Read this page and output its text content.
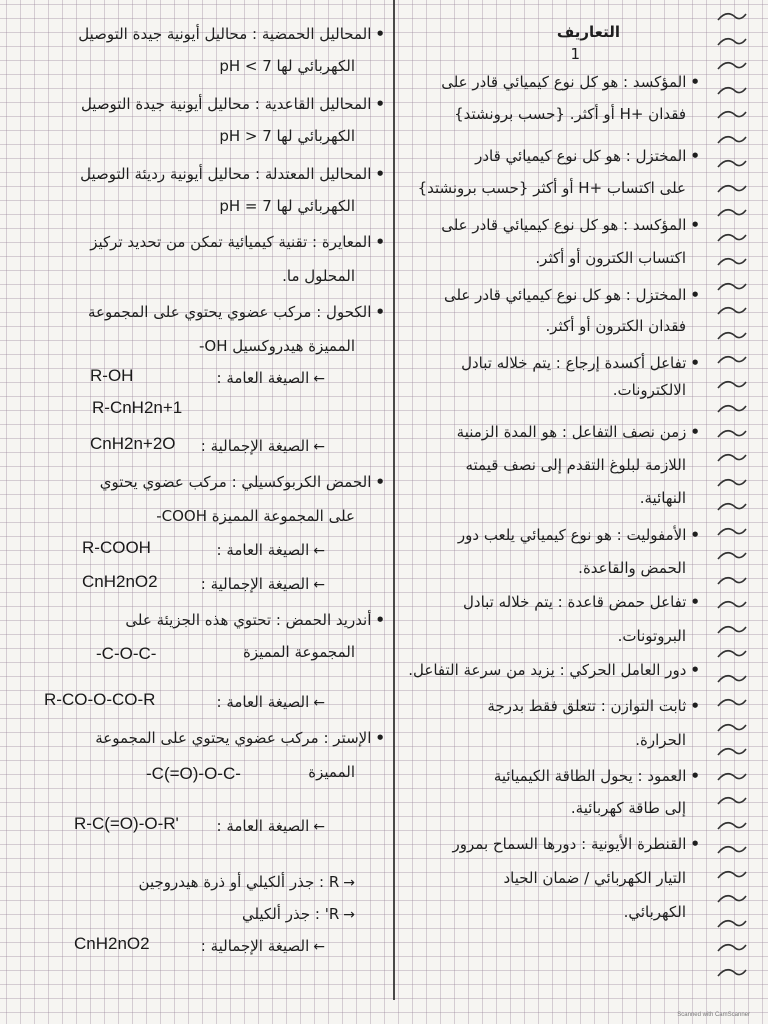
التعاريف
1
•المؤكسد : هو كل نوع كيميائي قادر على
فقدان +H أو أكثر. {حسب برونشتد}
•المختزل : هو كل نوع كيميائي قادر
على اكتساب +H أو أكثر {حسب برونشتد}
•المؤكسد : هو كل نوع كيميائي قادر على
اكتساب الكترون أو أكثر.
•المختزل : هو كل نوع كيميائي قادر على
فقدان الكترون أو أكثر.
•تفاعل أكسدة إرجاع : يتم خلاله تبادل
الالكترونات.
•زمن نصف التفاعل : هو المدة الزمنية
اللازمة لبلوغ التقدم إلى نصف قيمته
النهائية.
•الأمفوليت : هو نوع كيميائي يلعب دور
الحمض والقاعدة.
•تفاعل حمض قاعدة : يتم خلاله تبادل
البروتونات.
•دور العامل الحركي : يزيد من سرعة التفاعل.
•ثابت التوازن : تتعلق فقط بدرجة
الحرارة.
•العمود : يحول الطاقة الكيميائية
إلى طاقة كهربائية.
•القنطرة الأيونية : دورها السماح بمرور
التيار الكهربائي / ضمان الحياد
الكهربائي.
•المحاليل الحمضية : محاليل أيونية جيدة التوصيل
الكهربائي لها pH < 7
•المحاليل القاعدية : محاليل أيونية جيدة التوصيل
الكهربائي لها pH > 7
•المحاليل المعتدلة : محاليل أيونية رديئة التوصيل
الكهربائي لها pH = 7
•المعايرة : تقنية كيميائية تمكن من تحديد تركيز
المحلول ما.
•الكحول : مركب عضوي يحتوي على المجموعة
المميزة هيدروكسيل OH-
←الصيغة العامة :
←الصيغة الإجمالية :
•الحمض الكربوكسيلي : مركب عضوي يحتوي
على المجموعة المميزة COOH-
←الصيغة العامة :
←الصيغة الإجمالية :
•أندريد الحمض : تحتوي هذه الجزيئة على
المجموعة المميزة
←الصيغة العامة :
•الإستر : مركب عضوي يحتوي على المجموعة
المميزة
←الصيغة العامة :
→R : جذر ألكيلي أو ذرة هيدروجين
→R' : جذر ألكيلي
←الصيغة الإجمالية :
R-OH
R-CnH2n+1
CnH2n+2O
R-COOH
CnH2nO2
-C-O-C-
R-CO-O-CO-R
-C(=O)-O-C-
R-C(=O)-O-R'
CnH2nO2
Scanned with CamScanner
